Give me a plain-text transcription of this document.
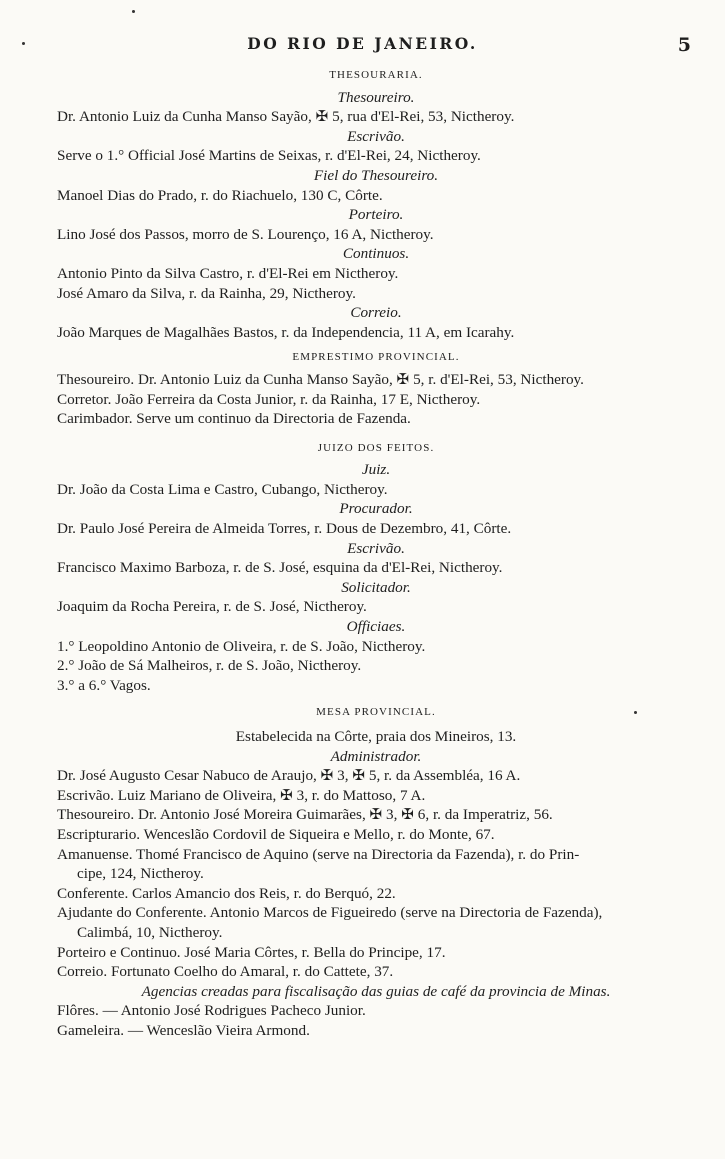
DO RIO DE JANEIRO.	5
THESOURARIA.
Thesoureiro.
Dr. Antonio Luiz da Cunha Manso Sayão, ✠ 5, rua d'El-Rei, 53, Nictheroy.
Escrivão.
Serve o 1.° Official José Martins de Seixas, r. d'El-Rei, 24, Nictheroy.
Fiel do Thesoureiro.
Manoel Dias do Prado, r. do Riachuelo, 130 C, Côrte.
Porteiro.
Lino José dos Passos, morro de S. Lourenço, 16 A, Nictheroy.
Continuos.
Antonio Pinto da Silva Castro, r. d'El-Rei em Nictheroy.
José Amaro da Silva, r. da Rainha, 29, Nictheroy.
Correio.
João Marques de Magalhães Bastos, r. da Independencia, 11 A, em Icarahy.
EMPRESTIMO PROVINCIAL.
Thesoureiro. Dr. Antonio Luiz da Cunha Manso Sayão, ✠ 5, r. d'El-Rei, 53, Nictheroy.
Corretor. João Ferreira da Costa Junior, r. da Rainha, 17 E, Nictheroy.
Carimbador. Serve um continuo da Directoria de Fazenda.
JUIZO DOS FEITOS.
Juiz.
Dr. João da Costa Lima e Castro, Cubango, Nictheroy.
Procurador.
Dr. Paulo José Pereira de Almeida Torres, r. Dous de Dezembro, 41, Côrte.
Escrivão.
Francisco Maximo Barboza, r. de S. José, esquina da d'El-Rei, Nictheroy.
Solicitador.
Joaquim da Rocha Pereira, r. de S. José, Nictheroy.
Officiaes.
1.° Leopoldino Antonio de Oliveira, r. de S. João, Nictheroy.
2.° João de Sá Malheiros, r. de S. João, Nictheroy.
3.° a 6.° Vagos.
MESA PROVINCIAL.
Estabelecida na Côrte, praia dos Mineiros, 13.
Administrador.
Dr. José Augusto Cesar Nabuco de Araujo, ✠ 3, ✠ 5, r. da Assembléa, 16 A.
Escrivão. Luiz Mariano de Oliveira, ✠ 3, r. do Mattoso, 7 A.
Thesoureiro. Dr. Antonio José Moreira Guimarães, ✠ 3, ✠ 6, r. da Imperatriz, 56.
Escripturario. Wenceslão Cordovil de Siqueira e Mello, r. do Monte, 67.
Amanuense. Thomé Francisco de Aquino (serve na Directoria da Fazenda), r. do Prin-
cipe, 124, Nictheroy.
Conferente. Carlos Amancio dos Reis, r. do Berquó, 22.
Ajudante do Conferente. Antonio Marcos de Figueiredo (serve na Directoria de Fazenda),
Calimbá, 10, Nictheroy.
Porteiro e Continuo. José Maria Côrtes, r. Bella do Principe, 17.
Correio. Fortunato Coelho do Amaral, r. do Cattete, 37.
Agencias creadas para fiscalisação das guias de café da provincia de Minas.
Flôres. — Antonio José Rodrigues Pacheco Junior.
Gameleira. — Wenceslão Vieira Armond.
